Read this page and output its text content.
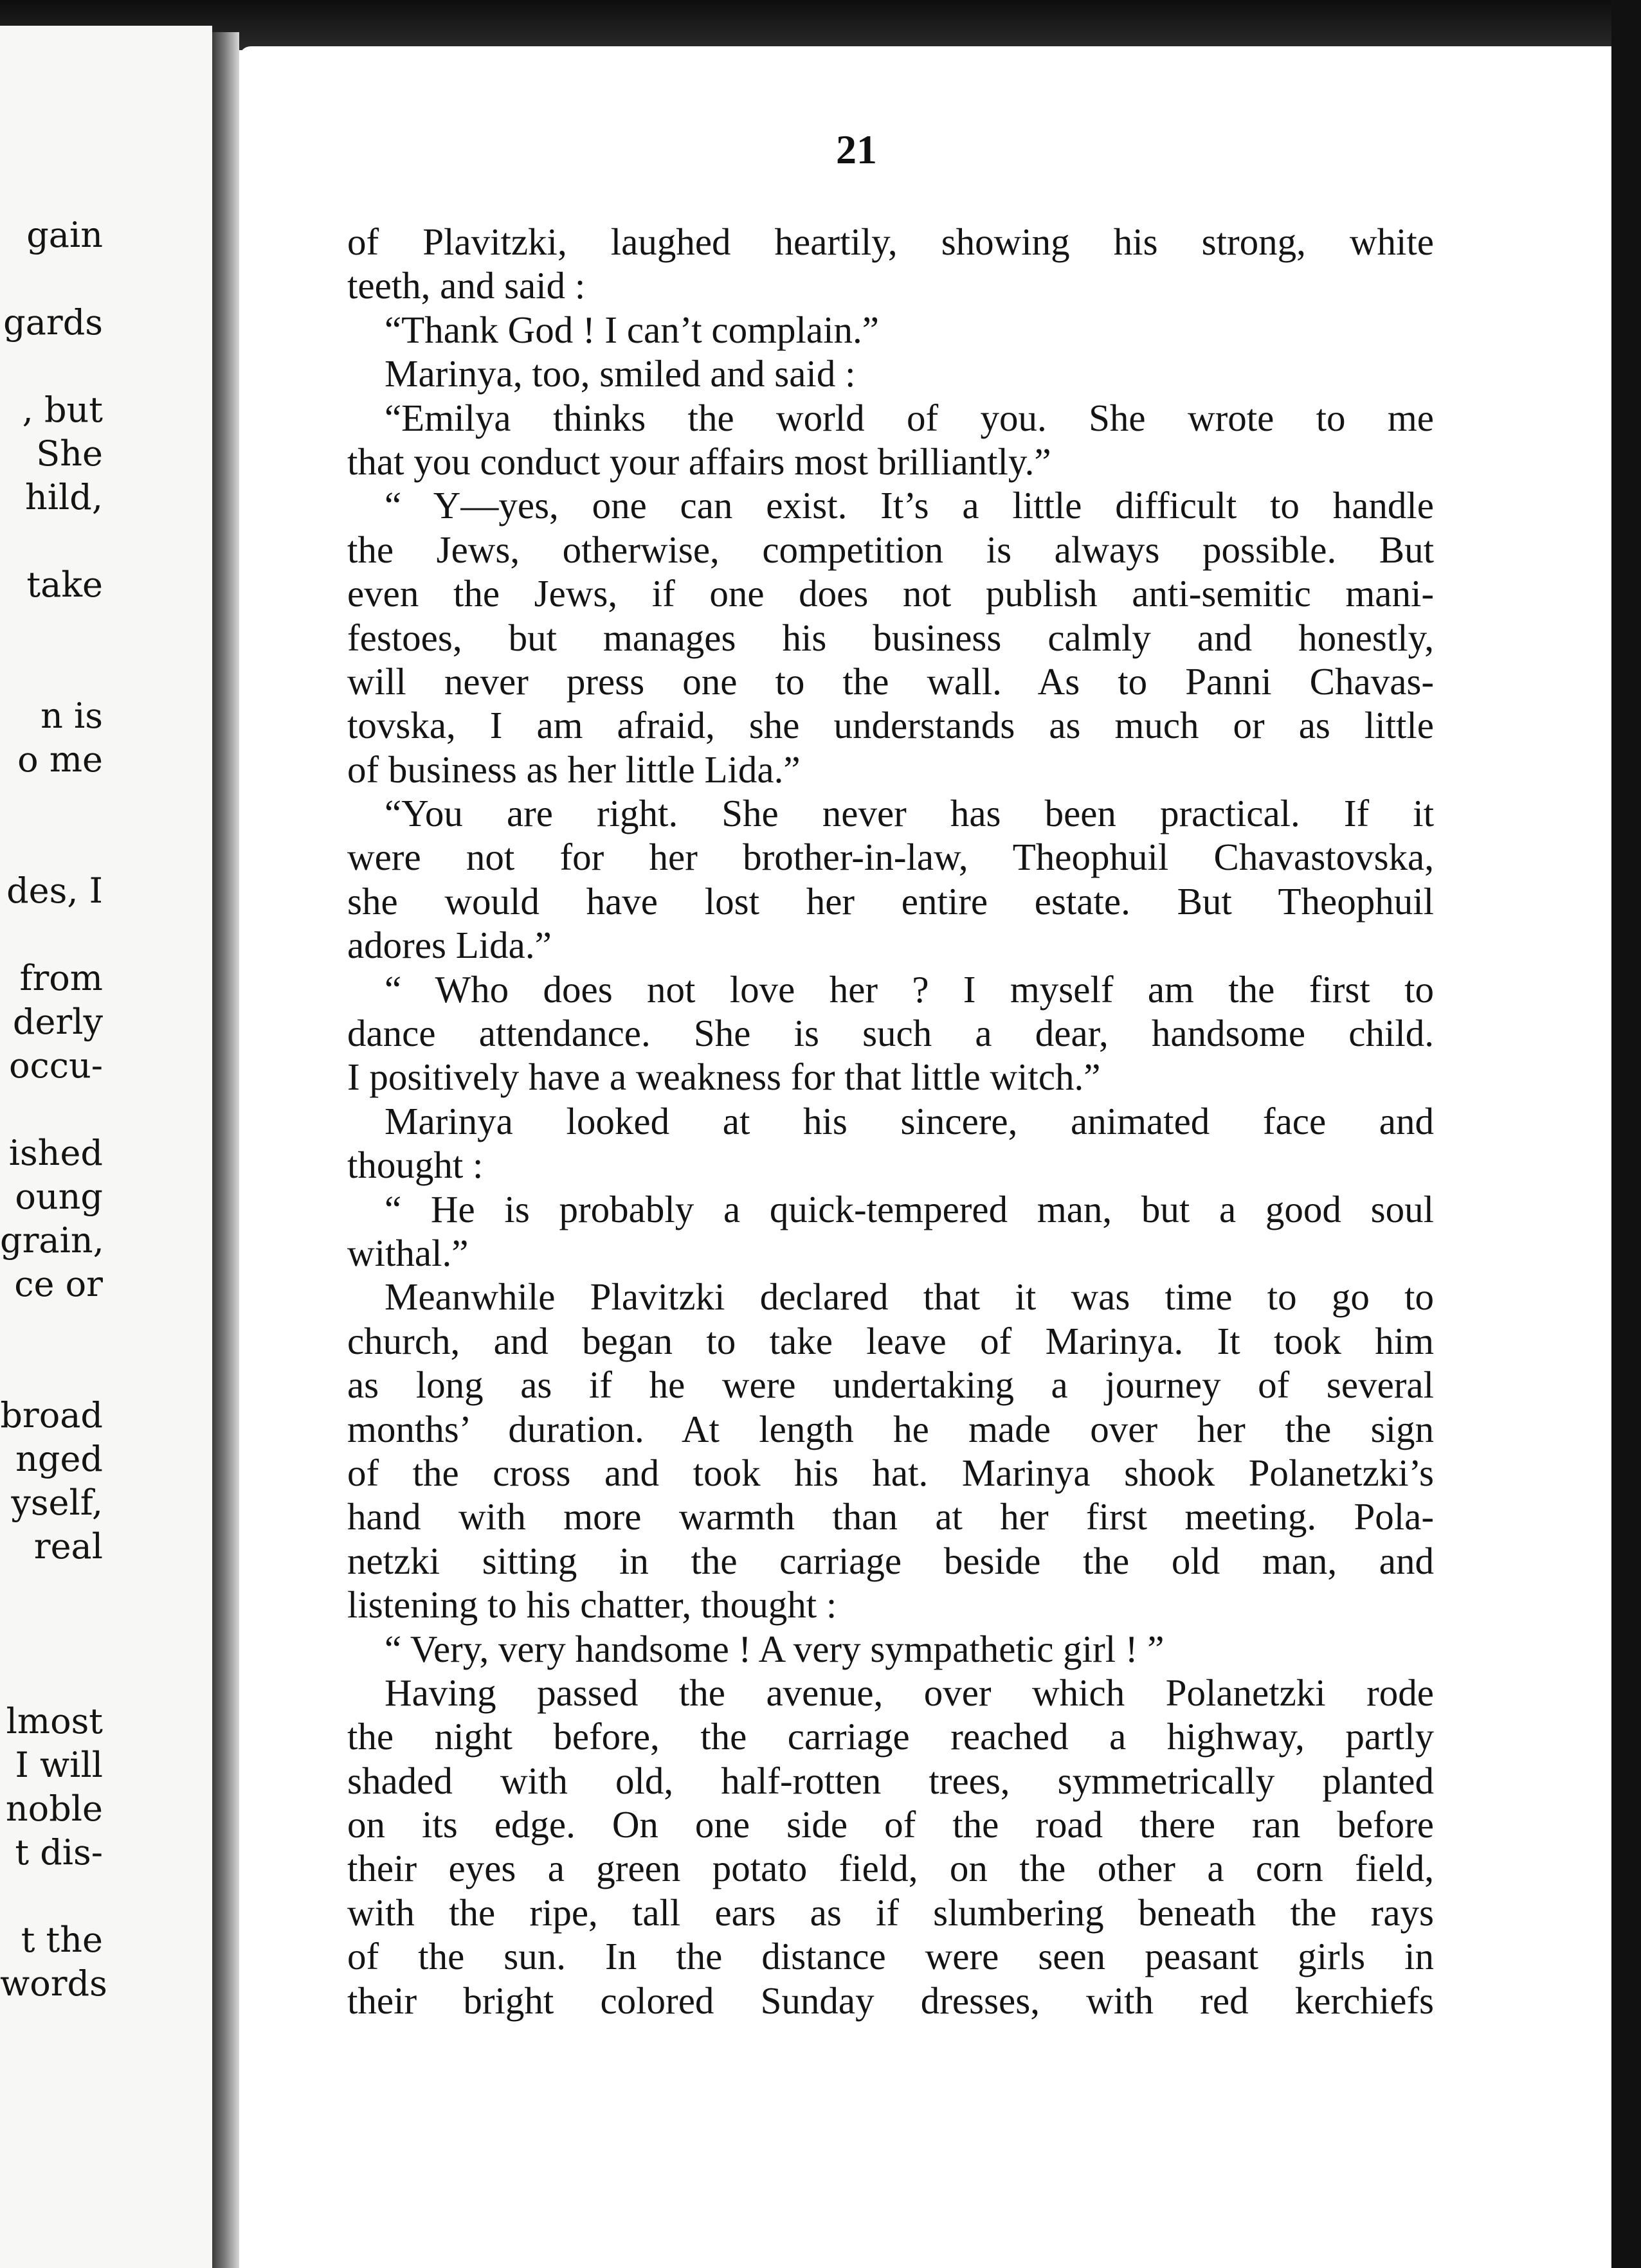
gain
gards
, but
She
hild,
take
n is
o me
des, I
from
derly
occu-
ished
oung
grain,
ce or
broad
nged
yself,
real
lmost
I will
noble
t dis-
t the
words
21
of Plavitzki, laughed heartily, showing his strong, white
teeth, and said :
“Thank God ! I can’t complain.”
Marinya, too, smiled and said :
“Emilya thinks the world of you. She wrote to me
that you conduct your affairs most brilliantly.”
“ Y—yes, one can exist. It’s a little difficult to handle
the Jews, otherwise, competition is always possible. But
even the Jews, if one does not publish anti-semitic mani-
festoes, but manages his business calmly and honestly,
will never press one to the wall. As to Panni Chavas-
tovska, I am afraid, she understands as much or as little
of business as her little Lida.”
“You are right. She never has been practical. If it
were not for her brother-in-law, Theophuil Chavastovska,
she would have lost her entire estate. But Theophuil
adores Lida.”
“ Who does not love her ? I myself am the first to
dance attendance. She is such a dear, handsome child.
I positively have a weakness for that little witch.”
Marinya looked at his sincere, animated face and
thought :
“ He is probably a quick-tempered man, but a good soul
withal.”
Meanwhile Plavitzki declared that it was time to go to
church, and began to take leave of Marinya. It took him
as long as if he were undertaking a journey of several
months’ duration. At length he made over her the sign
of the cross and took his hat. Marinya shook Polanetzki’s
hand with more warmth than at her first meeting. Pola-
netzki sitting in the carriage beside the old man, and
listening to his chatter, thought :
“ Very, very handsome ! A very sympathetic girl ! ”
Having passed the avenue, over which Polanetzki rode
the night before, the carriage reached a highway, partly
shaded with old, half-rotten trees, symmetrically planted
on its edge. On one side of the road there ran before
their eyes a green potato field, on the other a corn field,
with the ripe, tall ears as if slumbering beneath the rays
of the sun. In the distance were seen peasant girls in
their bright colored Sunday dresses, with red kerchiefs
